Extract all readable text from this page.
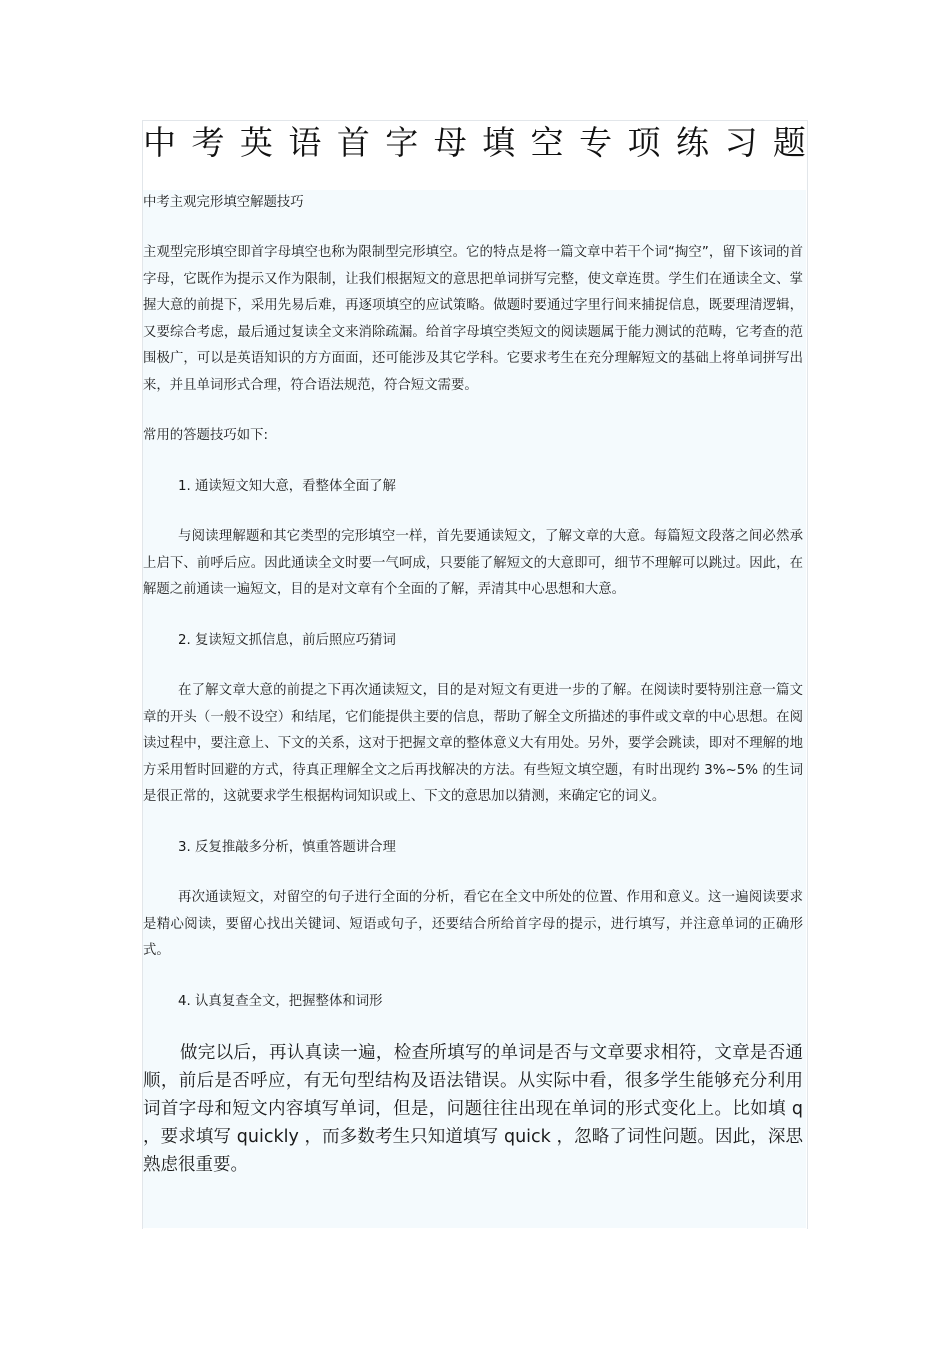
中 考 英 语 首 字 母 填 空 专 项 练 习 题

中考主观完形填空解题技巧

主观型完形填空即首字母填空也称为限制型完形填空。它的特点是将一篇文章中若干个词“掏空”，留下该词的首字母，它既作为提示又作为限制，让我们根据短文的意思把单词拼写完整，使文章连贯。学生们在通读全文、掌握大意的前提下，采用先易后难，再逐项填空的应试策略。做题时要通过字里行间来捕捉信息，既要理清逻辑，又要综合考虑，最后通过复读全文来消除疏漏。给首字母填空类短文的阅读题属于能力测试的范畴，它考查的范围极广，可以是英语知识的方方面面，还可能涉及其它学科。它要求考生在充分理解短文的基础上将单词拼写出来，并且单词形式合理，符合语法规范，符合短文需要。

常用的答题技巧如下:

1. 通读短文知大意，看整体全面了解

与阅读理解题和其它类型的完形填空一样，首先要通读短文，了解文章的大意。每篇短文段落之间必然承上启下、前呼后应。因此通读全文时要一气呵成，只要能了解短文的大意即可，细节不理解可以跳过。因此，在解题之前通读一遍短文，目的是对文章有个全面的了解，弄清其中心思想和大意。

2. 复读短文抓信息，前后照应巧猜词

在了解文章大意的前提之下再次通读短文，目的是对短文有更进一步的了解。在阅读时要特别注意一篇文章的开头（一般不设空）和结尾，它们能提供主要的信息，帮助了解全文所描述的事件或文章的中心思想。在阅读过程中，要注意上、下文的关系，这对于把握文章的整体意义大有用处。另外，要学会跳读，即对不理解的地方采用暂时回避的方式，待真正理解全文之后再找解决的方法。有些短文填空题，有时出现约 3%~5% 的生词是很正常的，这就要求学生根据构词知识或上、下文的意思加以猜测，来确定它的词义。

3. 反复推敲多分析，慎重答题讲合理

再次通读短文，对留空的句子进行全面的分析，看它在全文中所处的位置、作用和意义。这一遍阅读要求是精心阅读，要留心找出关键词、短语或句子，还要结合所给首字母的提示，进行填写，并注意单词的正确形式。

4. 认真复查全文，把握整体和词形

做完以后，再认真读一遍，检查所填写的单词是否与文章要求相符，文章是否通顺，前后是否呼应，有无句型结构及语法错误。从实际中看，很多学生能够充分利用词首字母和短文内容填写单词，但是，问题往往出现在单词的形式变化上。比如填 q ，要求填写 quickly ，而多数考生只知道填写 quick ，忽略了词性问题。因此，深思熟虑很重要。
